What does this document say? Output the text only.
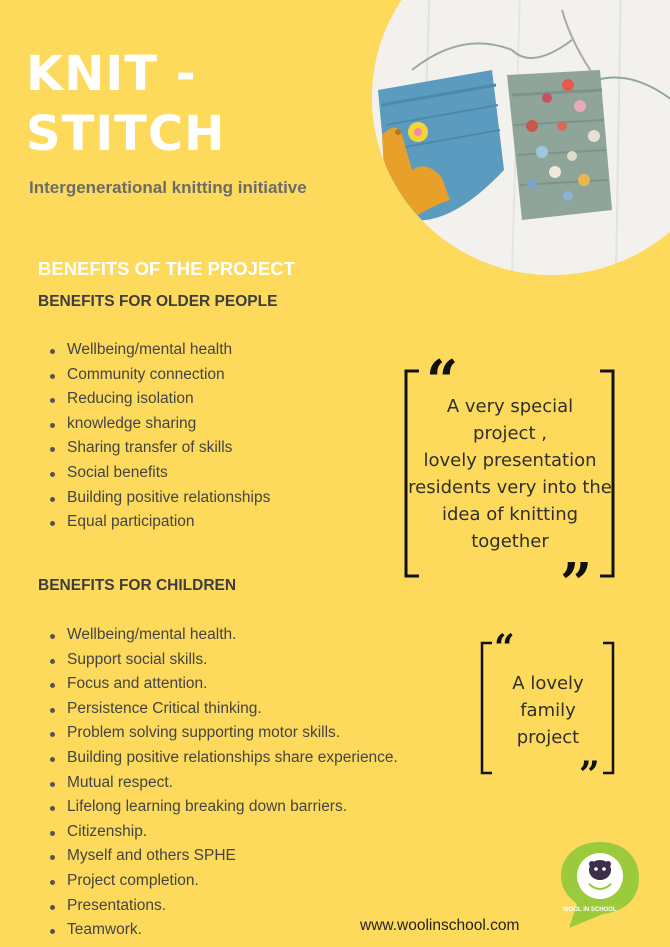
KNIT -
STITCH

Intergenerational knitting initiative

BENEFITS OF THE PROJECT
BENEFITS FOR OLDER PEOPLE
Wellbeing/mental health
Community connection
Reducing isolation
knowledge sharing
Sharing transfer of skills
Social benefits
Building positive relationships
Equal participation
BENEFITS FOR CHILDREN
Wellbeing/mental health.
Support social skills.
Focus and attention.
Persistence Critical thinking.
Problem solving supporting motor skills.
Building positive relationships share experience.
Mutual respect.
Lifelong learning breaking down barriers.
Citizenship.
Myself and others SPHE
Project completion.
Presentations.
Teamwork.
“
”
A very special
project ,
lovely presentation
residents very into the
idea of knitting
together
“
”
A lovely
family
project

www.woolinschool.com

WOOL IN SCHOOL
